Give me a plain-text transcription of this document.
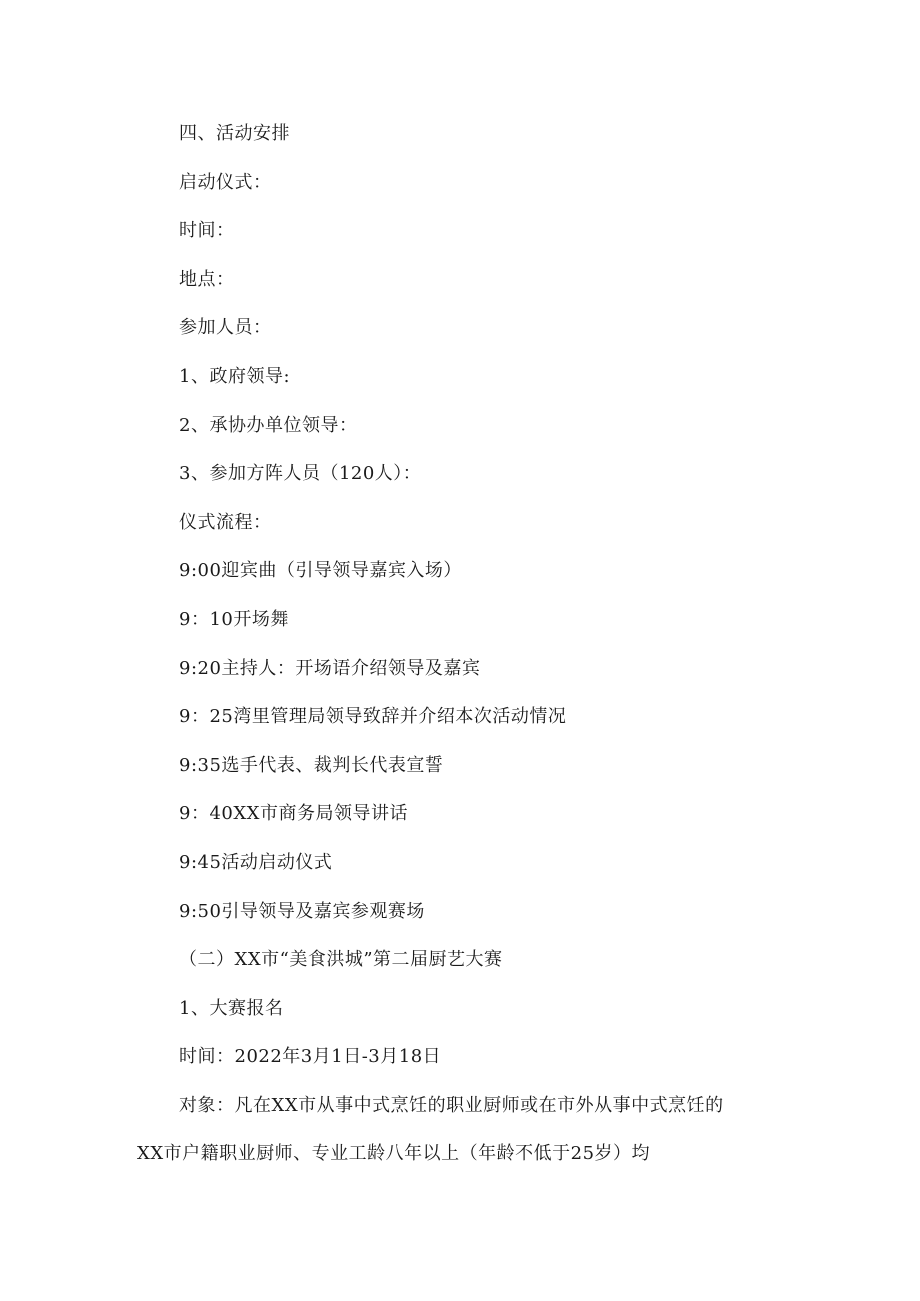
四、活动安排
启动仪式：
时间：
地点：
参加人员：
1、政府领导:
2、承协办单位领导：
3、参加方阵人员（120人）：
仪式流程：
9:00迎宾曲（引导领导嘉宾入场）
9：10开场舞
9:20主持人：开场语介绍领导及嘉宾
9：25湾里管理局领导致辞并介绍本次活动情况
9:35选手代表、裁判长代表宣誓
9：40XX市商务局领导讲话
9:45活动启动仪式
9:50引导领导及嘉宾参观赛场
（二）XX市“美食洪城”第二届厨艺大赛
1、大赛报名
时间：2022年3月1日-3月18日
对象：凡在XX市从事中式烹饪的职业厨师或在市外从事中式烹饪的
XX市户籍职业厨师、专业工龄八年以上（年龄不低于25岁）均
